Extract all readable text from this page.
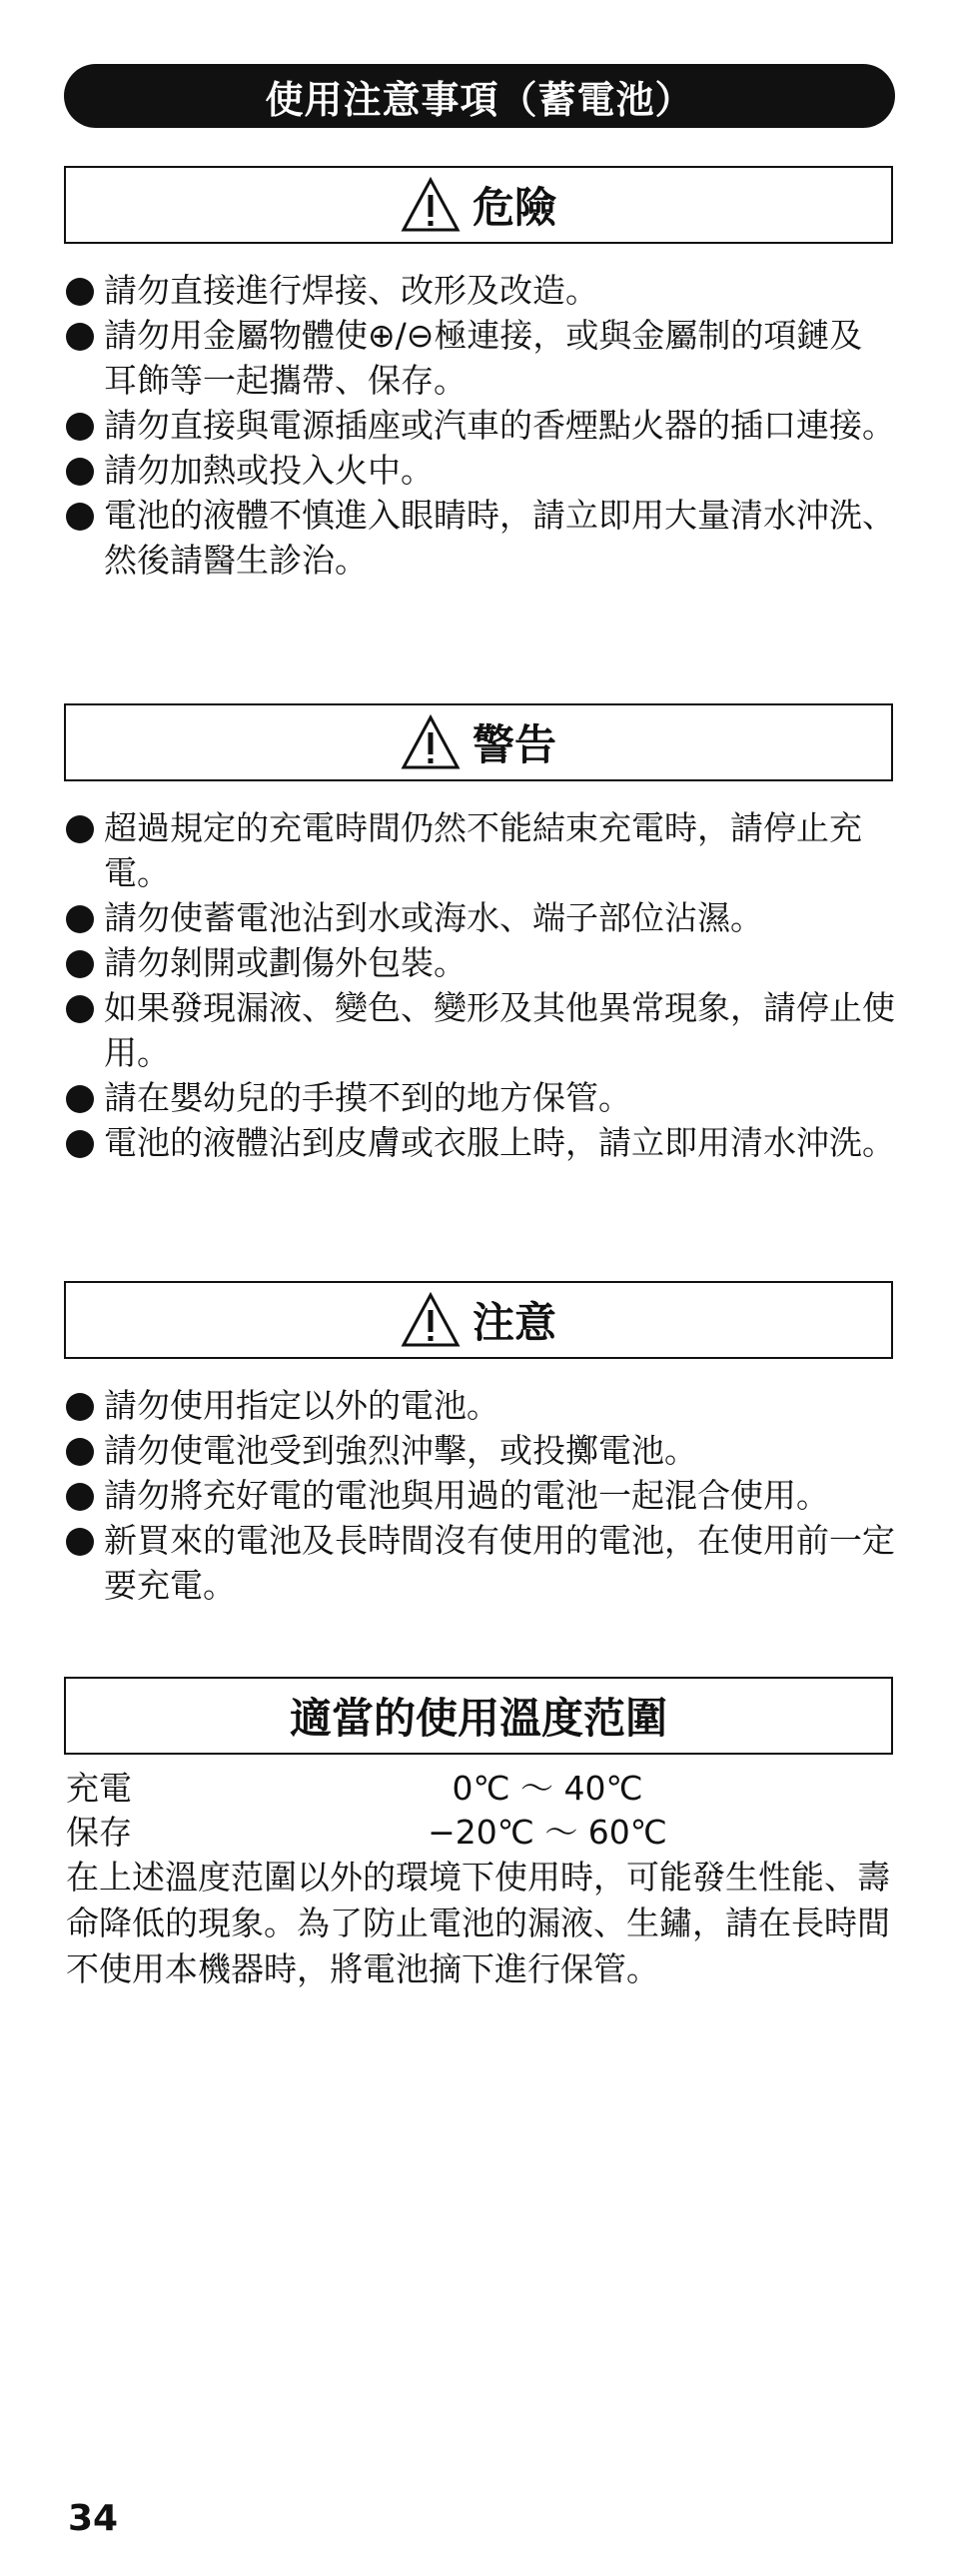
使用注意事項（蓄電池）
危險
請勿直接進行焊接、改形及改造。
請勿用金屬物體使⊕/⊖極連接，或與金屬制的項鏈及耳飾等一起攜帶、保存。
請勿直接與電源插座或汽車的香煙點火器的插口連接。
請勿加熱或投入火中。
電池的液體不慎進入眼睛時，請立即用大量清水沖洗、然後請醫生診治。
警告
超過規定的充電時間仍然不能結束充電時，請停止充電。
請勿使蓄電池沾到水或海水、端子部位沾濕。
請勿剝開或劃傷外包裝。
如果發現漏液、變色、變形及其他異常現象，請停止使用。
請在嬰幼兒的手摸不到的地方保管。
電池的液體沾到皮膚或衣服上時，請立即用清水沖洗。
注意
請勿使用指定以外的電池。
請勿使電池受到強烈沖擊，或投擲電池。
請勿將充好電的電池與用過的電池一起混合使用。
新買來的電池及長時間沒有使用的電池，在使用前一定要充電。
適當的使用溫度范圍
充電	0℃ ～ 40℃
保存	−20℃ ～ 60℃
在上述溫度范圍以外的環境下使用時，可能發生性能、壽命降低的現象。為了防止電池的漏液、生鏽，請在長時間不使用本機器時，將電池摘下進行保管。
34
